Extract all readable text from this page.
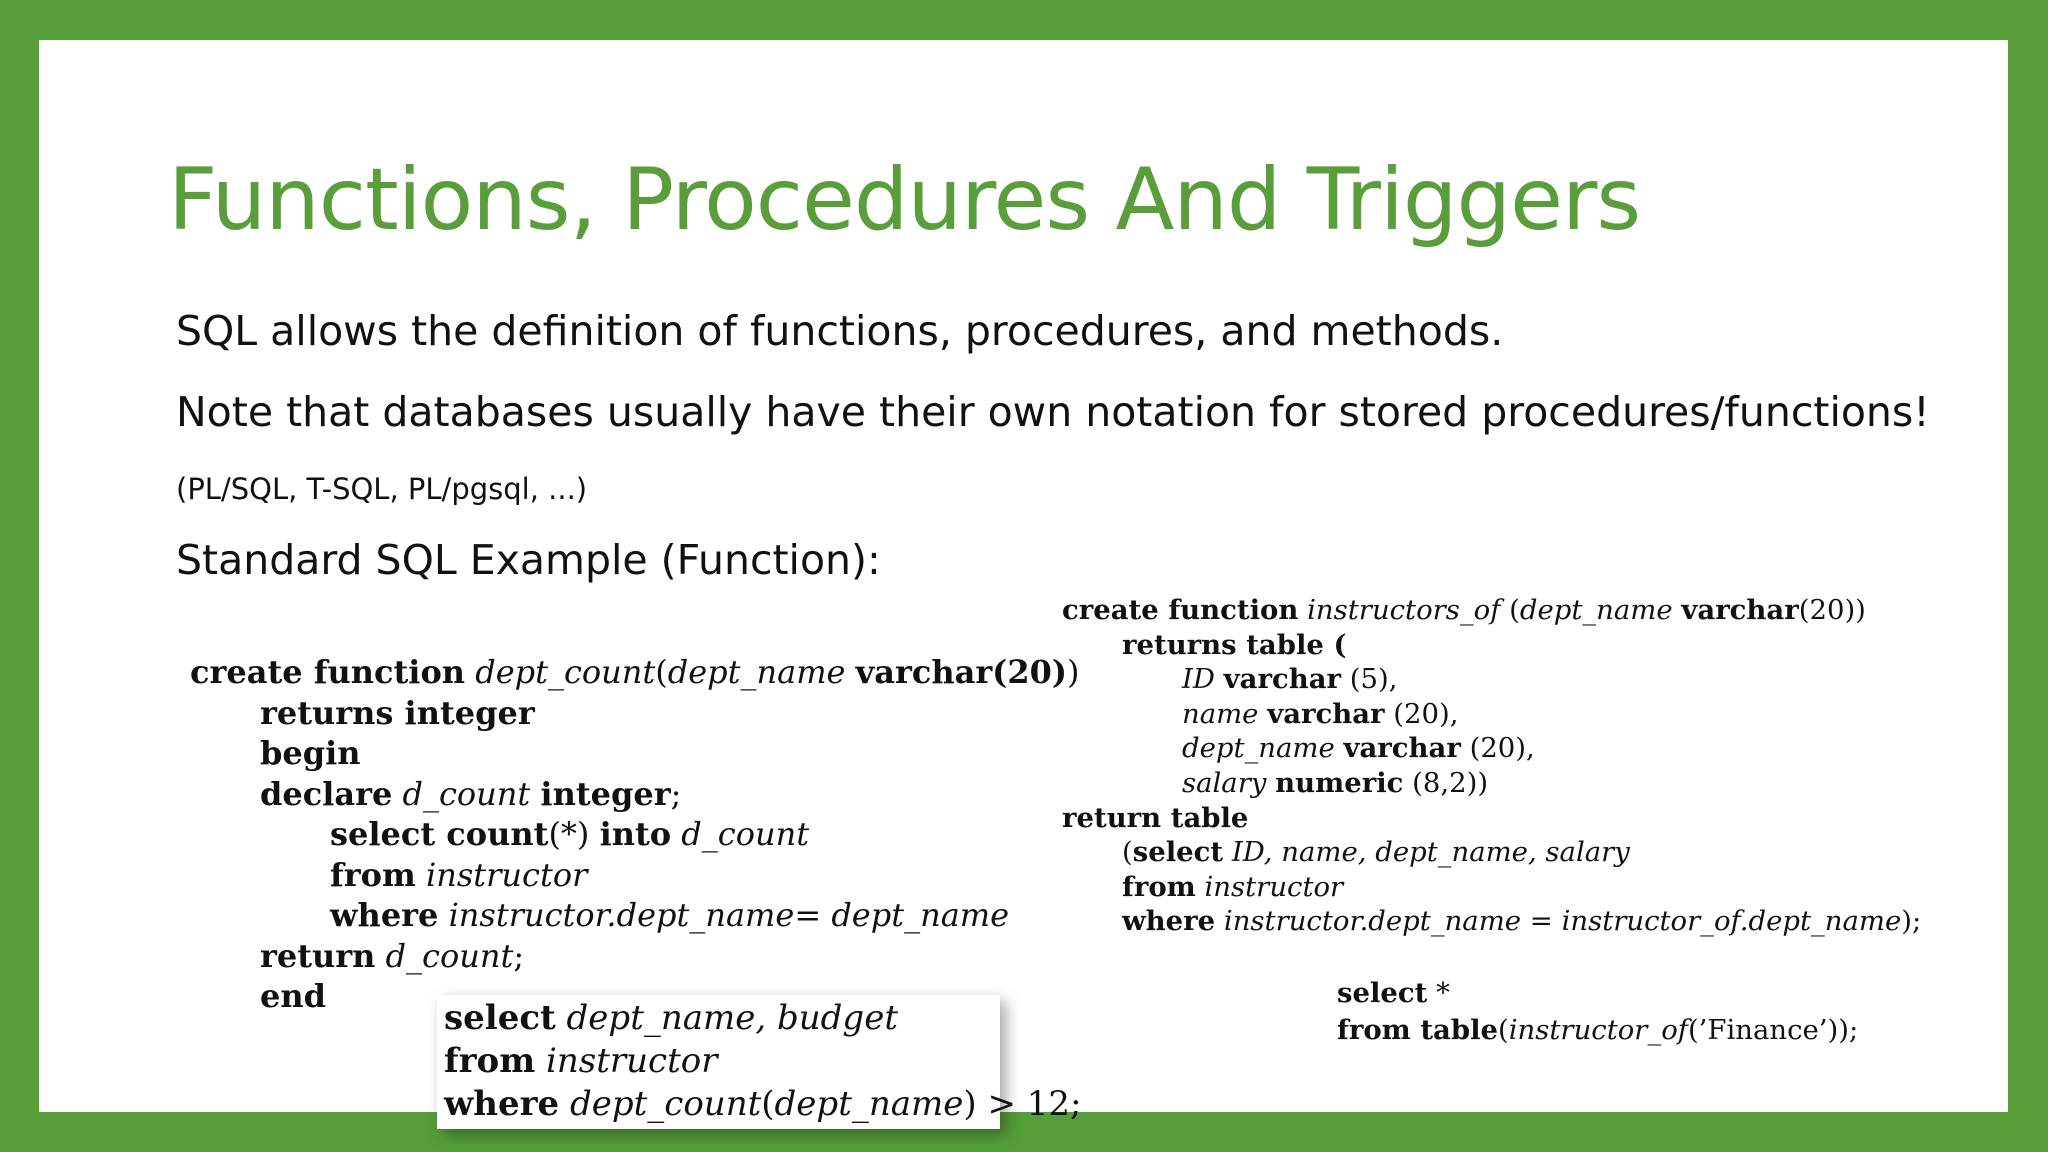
Functions, Procedures And Triggers
SQL allows the definition of functions, procedures, and methods.
Note that databases usually have their own notation for stored procedures/functions!
(PL/SQL, T-SQL, PL/pgsql, ...)
Standard SQL Example (Function):
create function dept_count(dept_name varchar(20))
returns integer
begin
declare d_count integer;
select count(*) into d_count
from instructor
where instructor.dept_name= dept_name
return d_count;
end
select dept_name, budget
from instructor
where dept_count(dept_name) > 12;
create function instructors_of (dept_name varchar(20))
returns table (
ID varchar (5),
name varchar (20),
dept_name varchar (20),
salary numeric (8,2))
return table
(select ID, name, dept_name, salary
from instructor
where instructor.dept_name = instructor_of.dept_name);
select *
from table(instructor_of(’Finance’));
